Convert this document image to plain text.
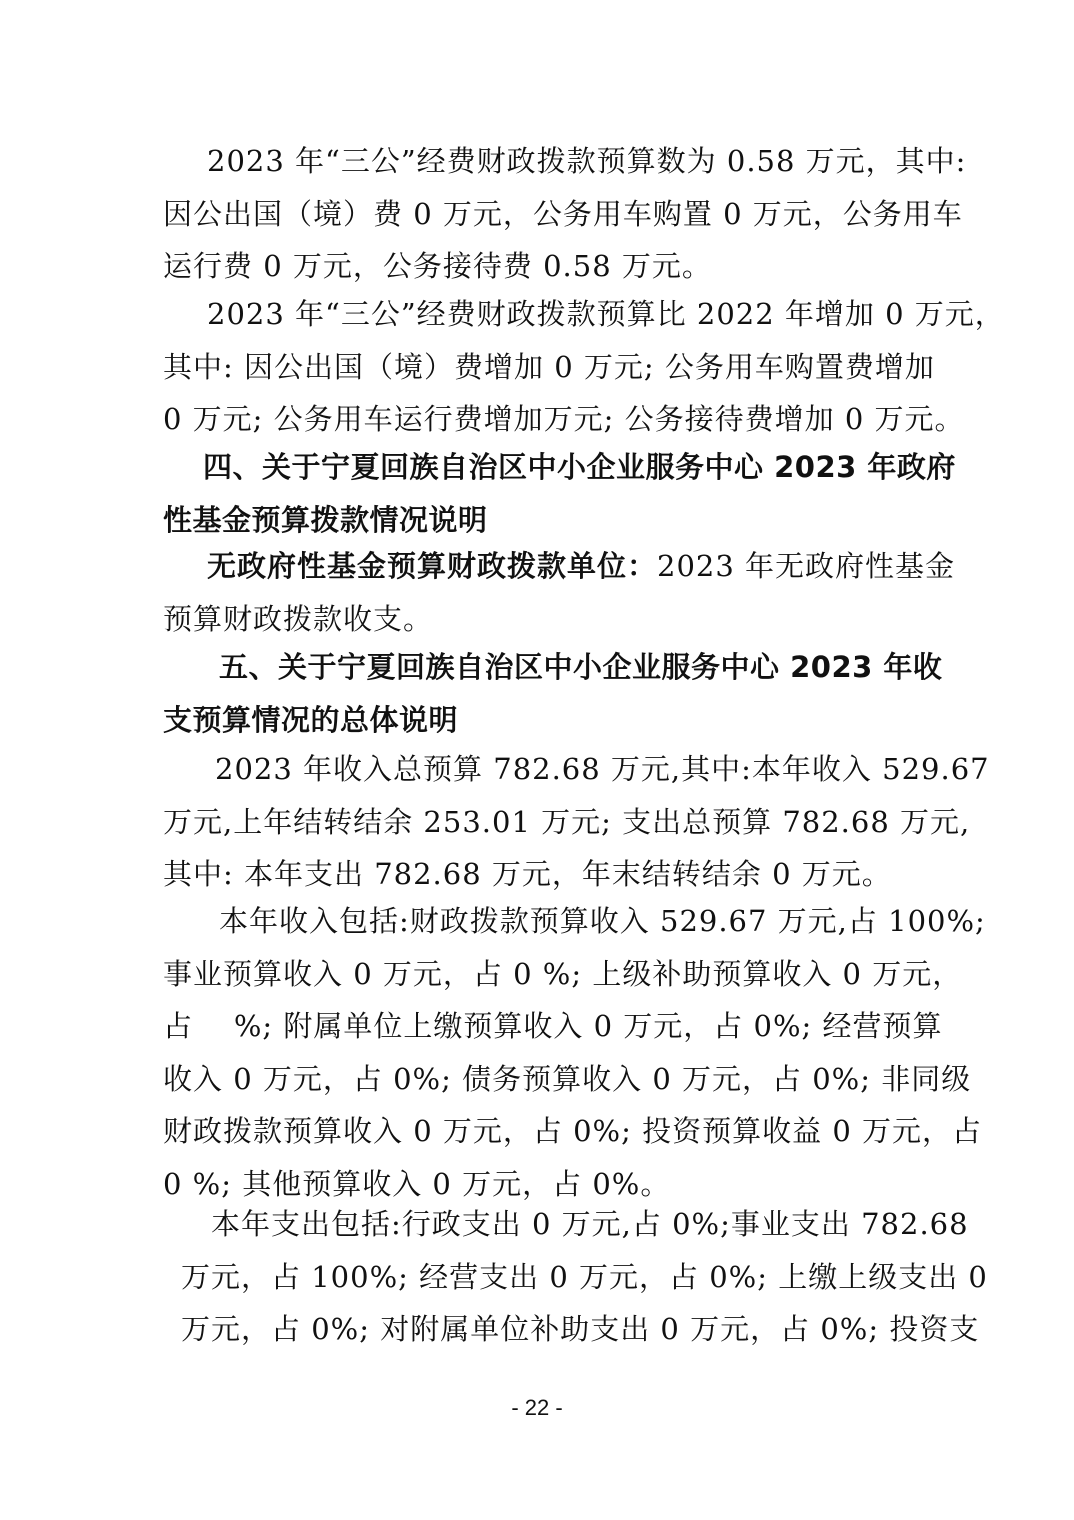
2023 年“三公”经费财政拨款预算数为 0.58 万元，其中:
因公出国（境）费 0 万元，公务用车购置 0 万元，公务用车
运行费 0 万元，公务接待费 0.58 万元。
2023 年“三公”经费财政拨款预算比 2022 年增加 0 万元，
其中: 因公出国（境）费增加 0 万元; 公务用车购置费增加
0 万元; 公务用车运行费增加万元; 公务接待费增加 0 万元。
四、关于宁夏回族自治区中小企业服务中心 2023 年政府
性基金预算拨款情况说明
无政府性基金预算财政拨款单位：2023 年无政府性基金
预算财政拨款收支。
五、关于宁夏回族自治区中小企业服务中心 2023 年收
支预算情况的总体说明
2023 年收入总预算 782.68 万元,其中:本年收入 529.67
万元,上年结转结余 253.01 万元; 支出总预算 782.68 万元,
其中: 本年支出 782.68 万元，年末结转结余 0 万元。
本年收入包括:财政拨款预算收入 529.67 万元,占 100%;
事业预算收入 0 万元，占 0 %; 上级补助预算收入 0 万元，
占    %; 附属单位上缴预算收入 0 万元，占 0%; 经营预算
收入 0 万元，占 0%; 债务预算收入 0 万元，占 0%; 非同级
财政拨款预算收入 0 万元，占 0%; 投资预算收益 0 万元，占
0 %; 其他预算收入 0 万元，占 0%。
本年支出包括:行政支出 0 万元,占 0%;事业支出 782.68
万元，占 100%; 经营支出 0 万元，占 0%; 上缴上级支出 0
万元，占 0%; 对附属单位补助支出 0 万元，占 0%; 投资支
- 22 -
